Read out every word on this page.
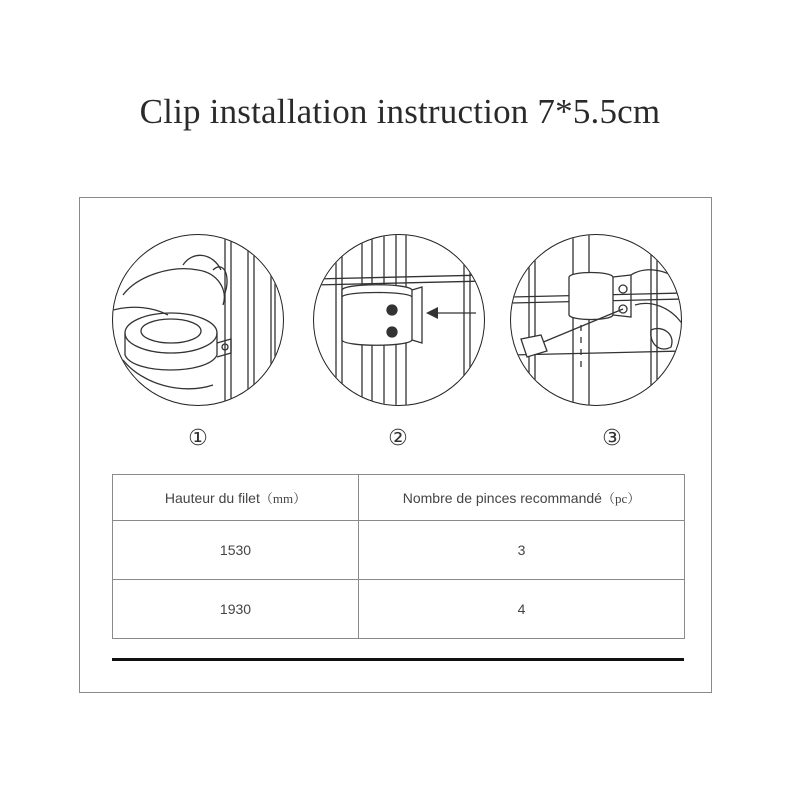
Clip installation instruction 7*5.5cm
①	②	③
Hauteur du filet（mm）	Nombre de pinces recommandé（pc）
1530	3
1930	4
